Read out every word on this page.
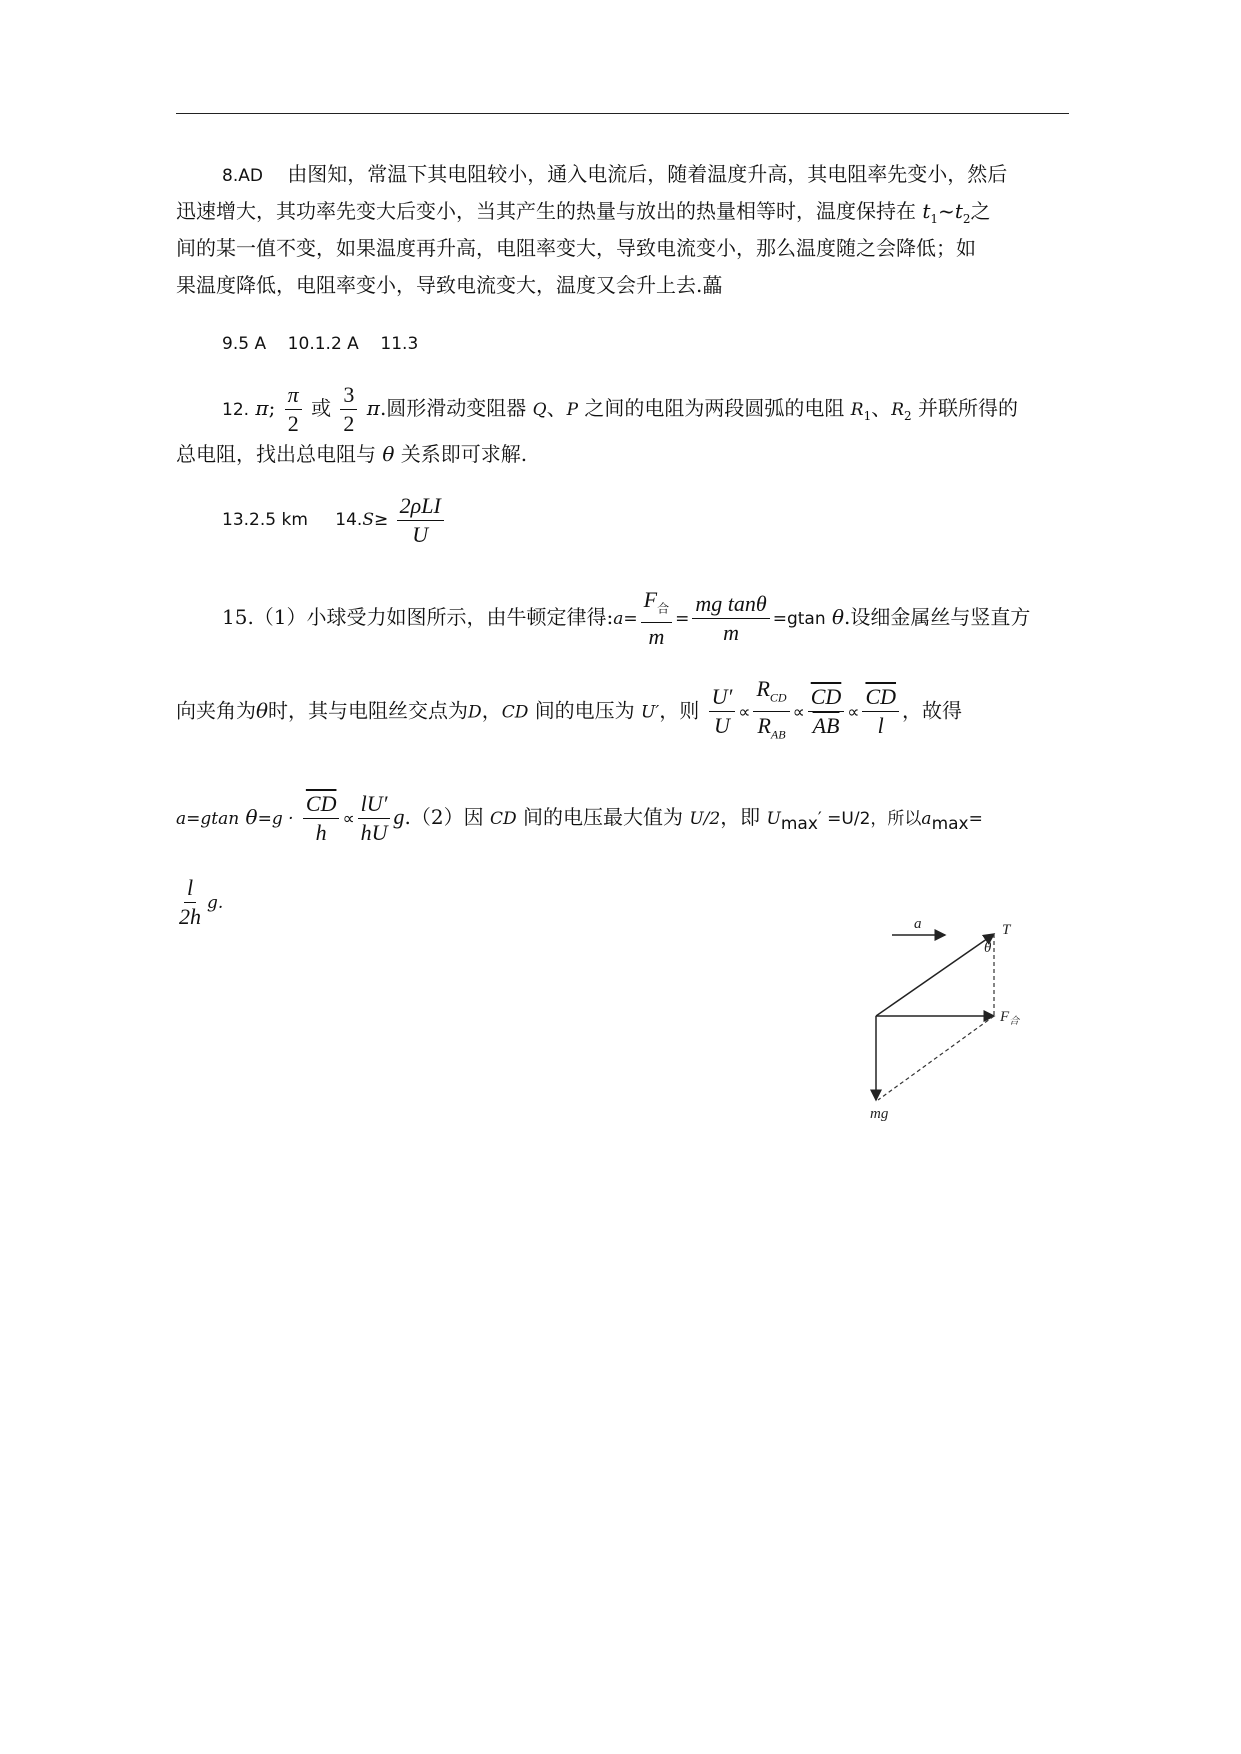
8.AD 由图知，常温下其电阻较小，通入电流后，随着温度升高，其电阻率先变小，然后
迅速增大，其功率先变大后变小，当其产生的热量与放出的热量相等时，温度保持在 $t_1\sim t_2$之
间的某一值不变，如果温度再升高，电阻率变大，导致电流变小，那么温度随之会降低；如
果温度降低，电阻率变小，导致电流变大，温度又会升上去.藟
9.5 A    10.1.2 A    11.3
12. π; $\frac{\pi}{2}$ 或 $\frac{3}{2} \pi$.圆形滑动变阻器 Q、P 之间的电阻为两段圆弧的电阻 $R_1$、$R_2$ 并联所得的
总电阻，找出总电阻与 θ 关系即可求解.
13.2.5 km $14.S\ge \frac{\text{2ρLI}}{U}$
15.（1）小球受力如图所示，由牛顿定律得:a= $\frac{F_合}{m} = \frac{\text{mg tanθ}}{m} =gtan$ θ.设细金属丝与竖直方
向夹角为θ时，其与电阻丝交点为D，CD 间的电压为 U′，则 $\frac{U'}{U} \propto \frac{R_{CD}}{R_{AB}} \propto \frac{\overline{CD}}{AB} \propto \frac{\overline{CD}}{l}$ ，故得
a=gtan $\theta=g \cdot \frac{\overline{CD}}{h} \propto \frac{lU'}{hU} g.(2)$因 CD 间的电压最大值为 U/2，即 $U_{max}' =U/2$，所以$a_{max}=$
$\frac{l}{2h} g$.
a	T
θ
$F_合$
mg
